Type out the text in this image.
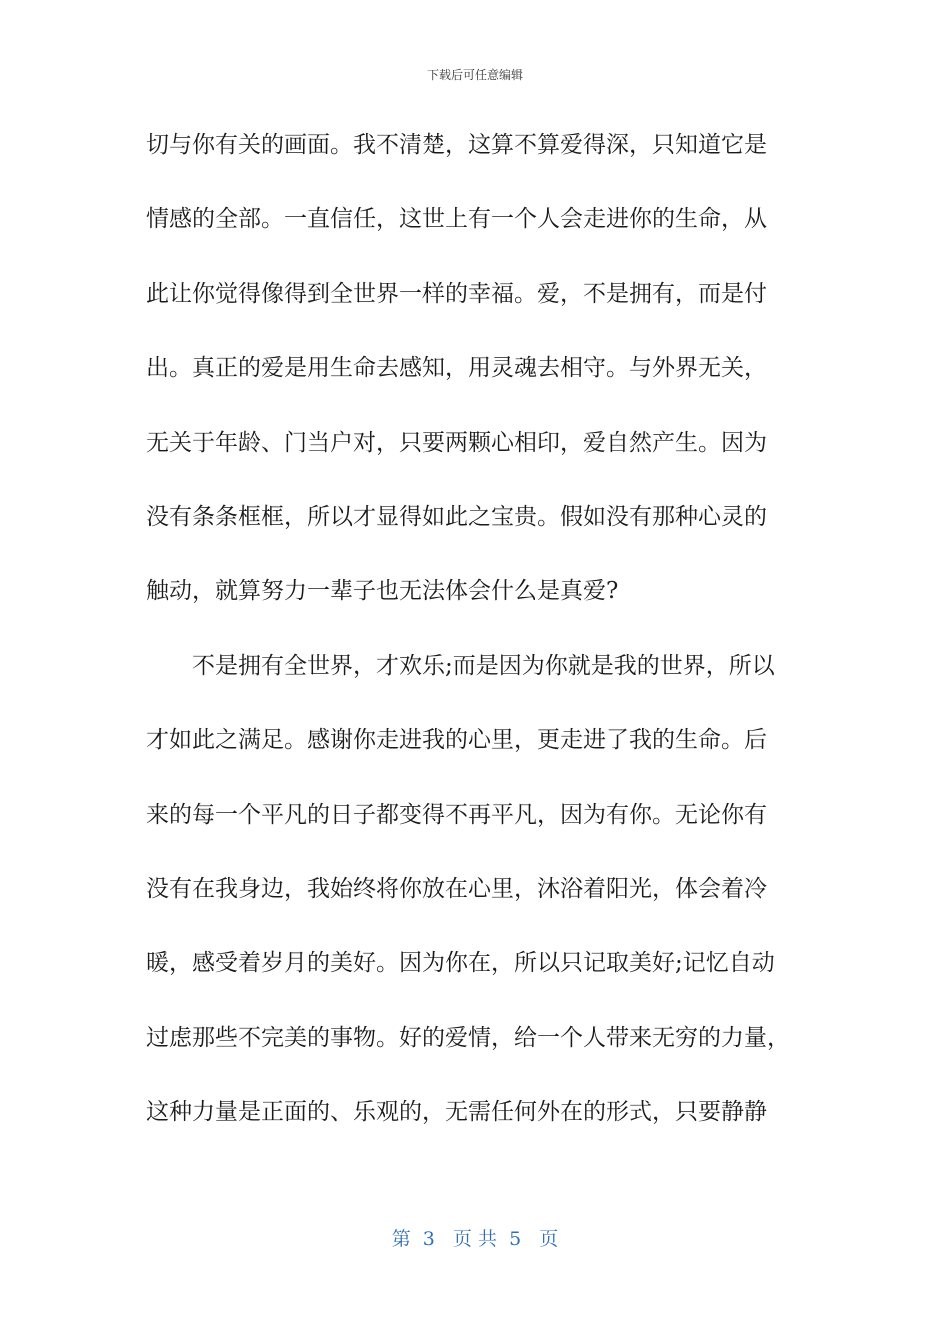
下载后可任意编辑
切与你有关的画面。我不清楚，这算不算爱得深，只知道它是
情感的全部。一直信任，这世上有一个人会走进你的生命，从
此让你觉得像得到全世界一样的幸福。爱，不是拥有，而是付
出。真正的爱是用生命去感知，用灵魂去相守。与外界无关，
无关于年龄、门当户对，只要两颗心相印，爱自然产生。因为
没有条条框框，所以才显得如此之宝贵。假如没有那种心灵的
触动，就算努力一辈子也无法体会什么是真爱?
不是拥有全世界，才欢乐;而是因为你就是我的世界，所以
才如此之满足。感谢你走进我的心里，更走进了我的生命。后
来的每一个平凡的日子都变得不再平凡，因为有你。无论你有
没有在我身边，我始终将你放在心里，沐浴着阳光，体会着冷
暖，感受着岁月的美好。因为你在，所以只记取美好;记忆自动
过虑那些不完美的事物。好的爱情，给一个人带来无穷的力量，
这种力量是正面的、乐观的，无需任何外在的形式，只要静静
第  3   页 共  5   页
